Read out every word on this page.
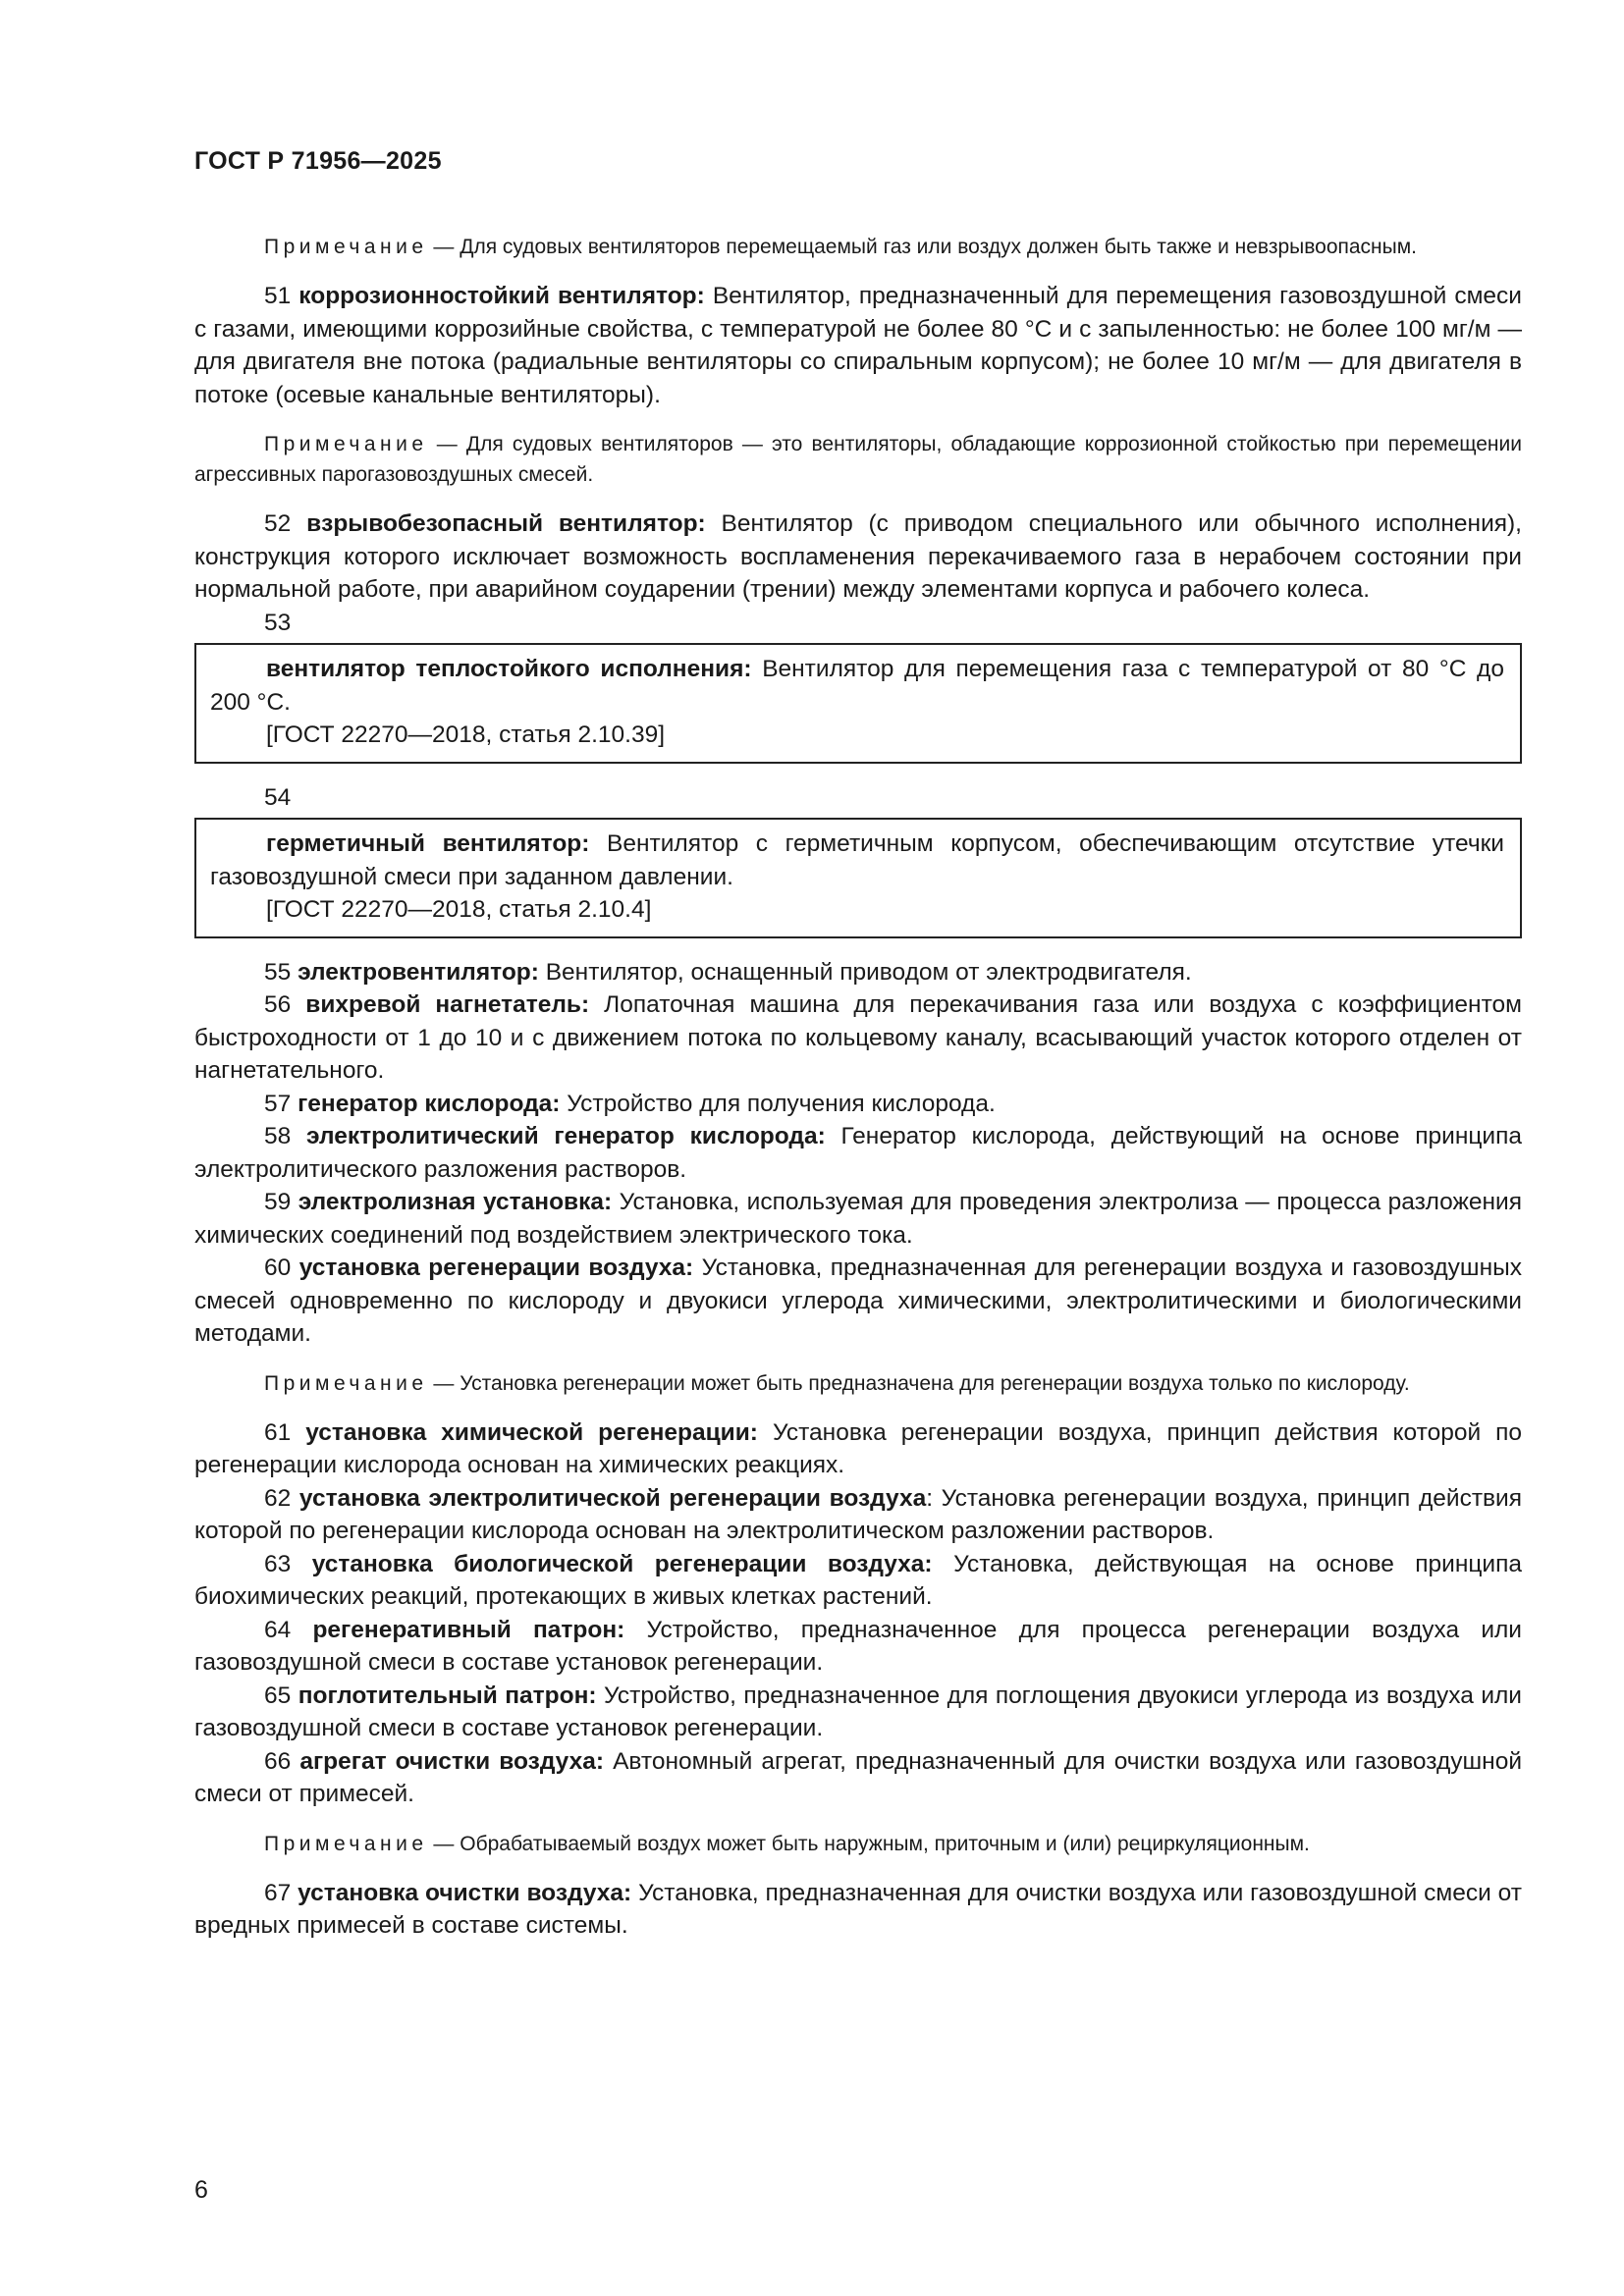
ГОСТ Р 71956—2025

Примечание — Для судовых вентиляторов перемещаемый газ или воздух должен быть также и невзрывоопасным.

51 коррозионностойкий вентилятор: Вентилятор, предназначенный для перемещения газовоздушной смеси с газами, имеющими коррозийные свойства, с температурой не более 80 °С и с запыленностью: не более 100 мг/м — для двигателя вне потока (радиальные вентиляторы со спиральным корпусом); не более 10 мг/м — для двигателя в потоке (осевые канальные вентиляторы).

Примечание — Для судовых вентиляторов — это вентиляторы, обладающие коррозионной стойкостью при перемещении агрессивных парогазовоздушных смесей.

52 взрывобезопасный вентилятор: Вентилятор (с приводом специального или обычного исполнения), конструкция которого исключает возможность воспламенения перекачиваемого газа в нерабочем состоянии при нормальной работе, при аварийном соударении (трении) между элементами корпуса и рабочего колеса.

53

вентилятор теплостойкого исполнения: Вентилятор для перемещения газа с температурой от 80 °С до 200 °С.

[ГОСТ 22270—2018, статья 2.10.39]

54

герметичный вентилятор: Вентилятор с герметичным корпусом, обеспечивающим отсутствие утечки газовоздушной смеси при заданном давлении.

[ГОСТ 22270—2018, статья 2.10.4]

55 электровентилятор: Вентилятор, оснащенный приводом от электродвигателя.

56 вихревой нагнетатель: Лопаточная машина для перекачивания газа или воздуха с коэффициентом быстроходности от 1 до 10 и с движением потока по кольцевому каналу, всасывающий участок которого отделен от нагнетательного.

57 генератор кислорода: Устройство для получения кислорода.

58 электролитический генератор кислорода: Генератор кислорода, действующий на основе принципа электролитического разложения растворов.

59 электролизная установка: Установка, используемая для проведения электролиза — процесса разложения химических соединений под воздействием электрического тока.

60 установка регенерации воздуха: Установка, предназначенная для регенерации воздуха и газовоздушных смесей одновременно по кислороду и двуокиси углерода химическими, электролитическими и биологическими методами.

Примечание — Установка регенерации может быть предназначена для регенерации воздуха только по кислороду.

61 установка химической регенерации: Установка регенерации воздуха, принцип действия которой по регенерации кислорода основан на химических реакциях.

62 установка электролитической регенерации воздуха: Установка регенерации воздуха, принцип действия которой по регенерации кислорода основан на электролитическом разложении растворов.

63 установка биологической регенерации воздуха: Установка, действующая на основе принципа биохимических реакций, протекающих в живых клетках растений.

64 регенеративный патрон: Устройство, предназначенное для процесса регенерации воздуха или газовоздушной смеси в составе установок регенерации.

65 поглотительный патрон: Устройство, предназначенное для поглощения двуокиси углерода из воздуха или газовоздушной смеси в составе установок регенерации.

66 агрегат очистки воздуха: Автономный агрегат, предназначенный для очистки воздуха или газовоздушной смеси от примесей.

Примечание — Обрабатываемый воздух может быть наружным, приточным и (или) рециркуляционным.

67 установка очистки воздуха: Установка, предназначенная для очистки воздуха или газовоздушной смеси от вредных примесей в составе системы.

6
